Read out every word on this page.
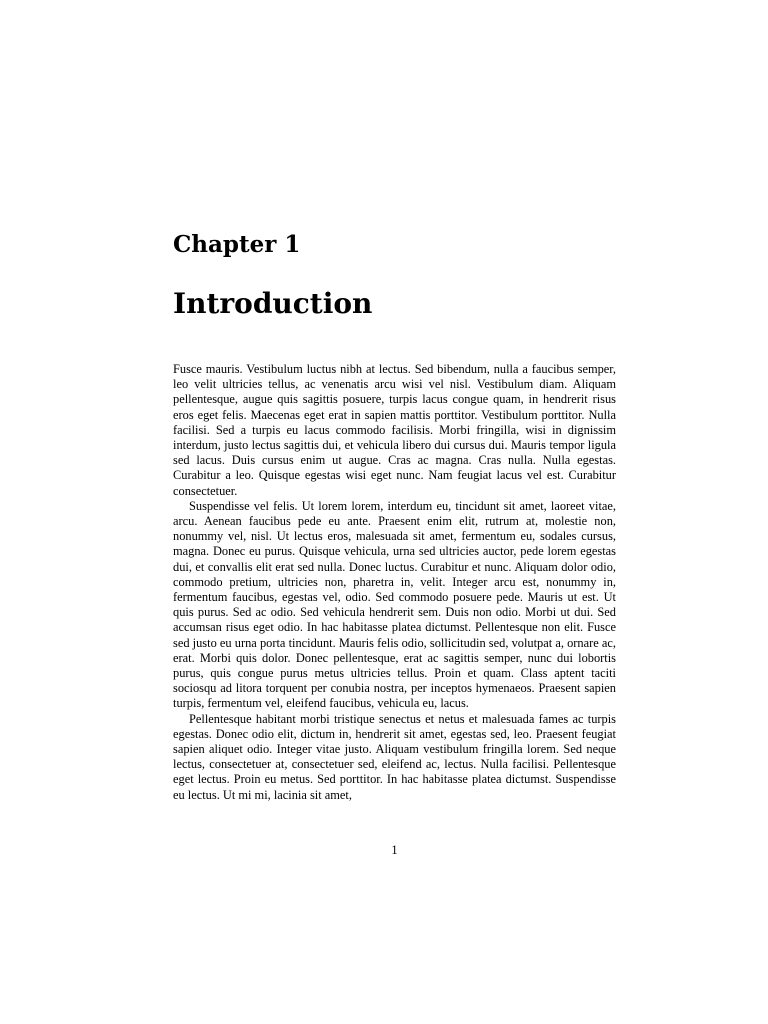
Chapter 1
Introduction

Fusce mauris. Vestibulum luctus nibh at lectus. Sed bibendum, nulla a faucibus semper, leo velit ultricies tellus, ac venenatis arcu wisi vel nisl. Vestibulum diam. Aliquam pellentesque, augue quis sagittis posuere, turpis lacus congue quam, in hendrerit risus eros eget felis. Maecenas eget erat in sapien mattis porttitor. Vestibulum porttitor. Nulla facilisi. Sed a turpis eu lacus commodo facilisis. Morbi fringilla, wisi in dignissim interdum, justo lectus sagittis dui, et vehicula libero dui cursus dui. Mauris tempor ligula sed lacus. Duis cursus enim ut augue. Cras ac magna. Cras nulla. Nulla egestas. Curabitur a leo. Quisque egestas wisi eget nunc. Nam feugiat lacus vel est. Curabitur consectetuer.

Suspendisse vel felis. Ut lorem lorem, interdum eu, tincidunt sit amet, laoreet vitae, arcu. Aenean faucibus pede eu ante. Praesent enim elit, rutrum at, molestie non, nonummy vel, nisl. Ut lectus eros, malesuada sit amet, fermentum eu, sodales cursus, magna. Donec eu purus. Quisque vehicula, urna sed ultricies auctor, pede lorem egestas dui, et convallis elit erat sed nulla. Donec luctus. Curabitur et nunc. Aliquam dolor odio, commodo pretium, ultricies non, pharetra in, velit. Integer arcu est, nonummy in, fermentum faucibus, egestas vel, odio. Sed commodo posuere pede. Mauris ut est. Ut quis purus. Sed ac odio. Sed vehicula hendrerit sem. Duis non odio. Morbi ut dui. Sed accumsan risus eget odio. In hac habitasse platea dictumst. Pellentesque non elit. Fusce sed justo eu urna porta tincidunt. Mauris felis odio, sollicitudin sed, volutpat a, ornare ac, erat. Morbi quis dolor. Donec pellentesque, erat ac sagittis semper, nunc dui lobortis purus, quis congue purus metus ultricies tellus. Proin et quam. Class aptent taciti sociosqu ad litora torquent per conubia nostra, per inceptos hymenaeos. Praesent sapien turpis, fermentum vel, eleifend faucibus, vehicula eu, lacus.

Pellentesque habitant morbi tristique senectus et netus et malesuada fames ac turpis egestas. Donec odio elit, dictum in, hendrerit sit amet, egestas sed, leo. Praesent feugiat sapien aliquet odio. Integer vitae justo. Aliquam vestibulum fringilla lorem. Sed neque lectus, consectetuer at, consectetuer sed, eleifend ac, lectus. Nulla facilisi. Pellentesque eget lectus. Proin eu metus. Sed porttitor. In hac habitasse platea dictumst. Suspendisse eu lectus. Ut mi mi, lacinia sit amet,

1
